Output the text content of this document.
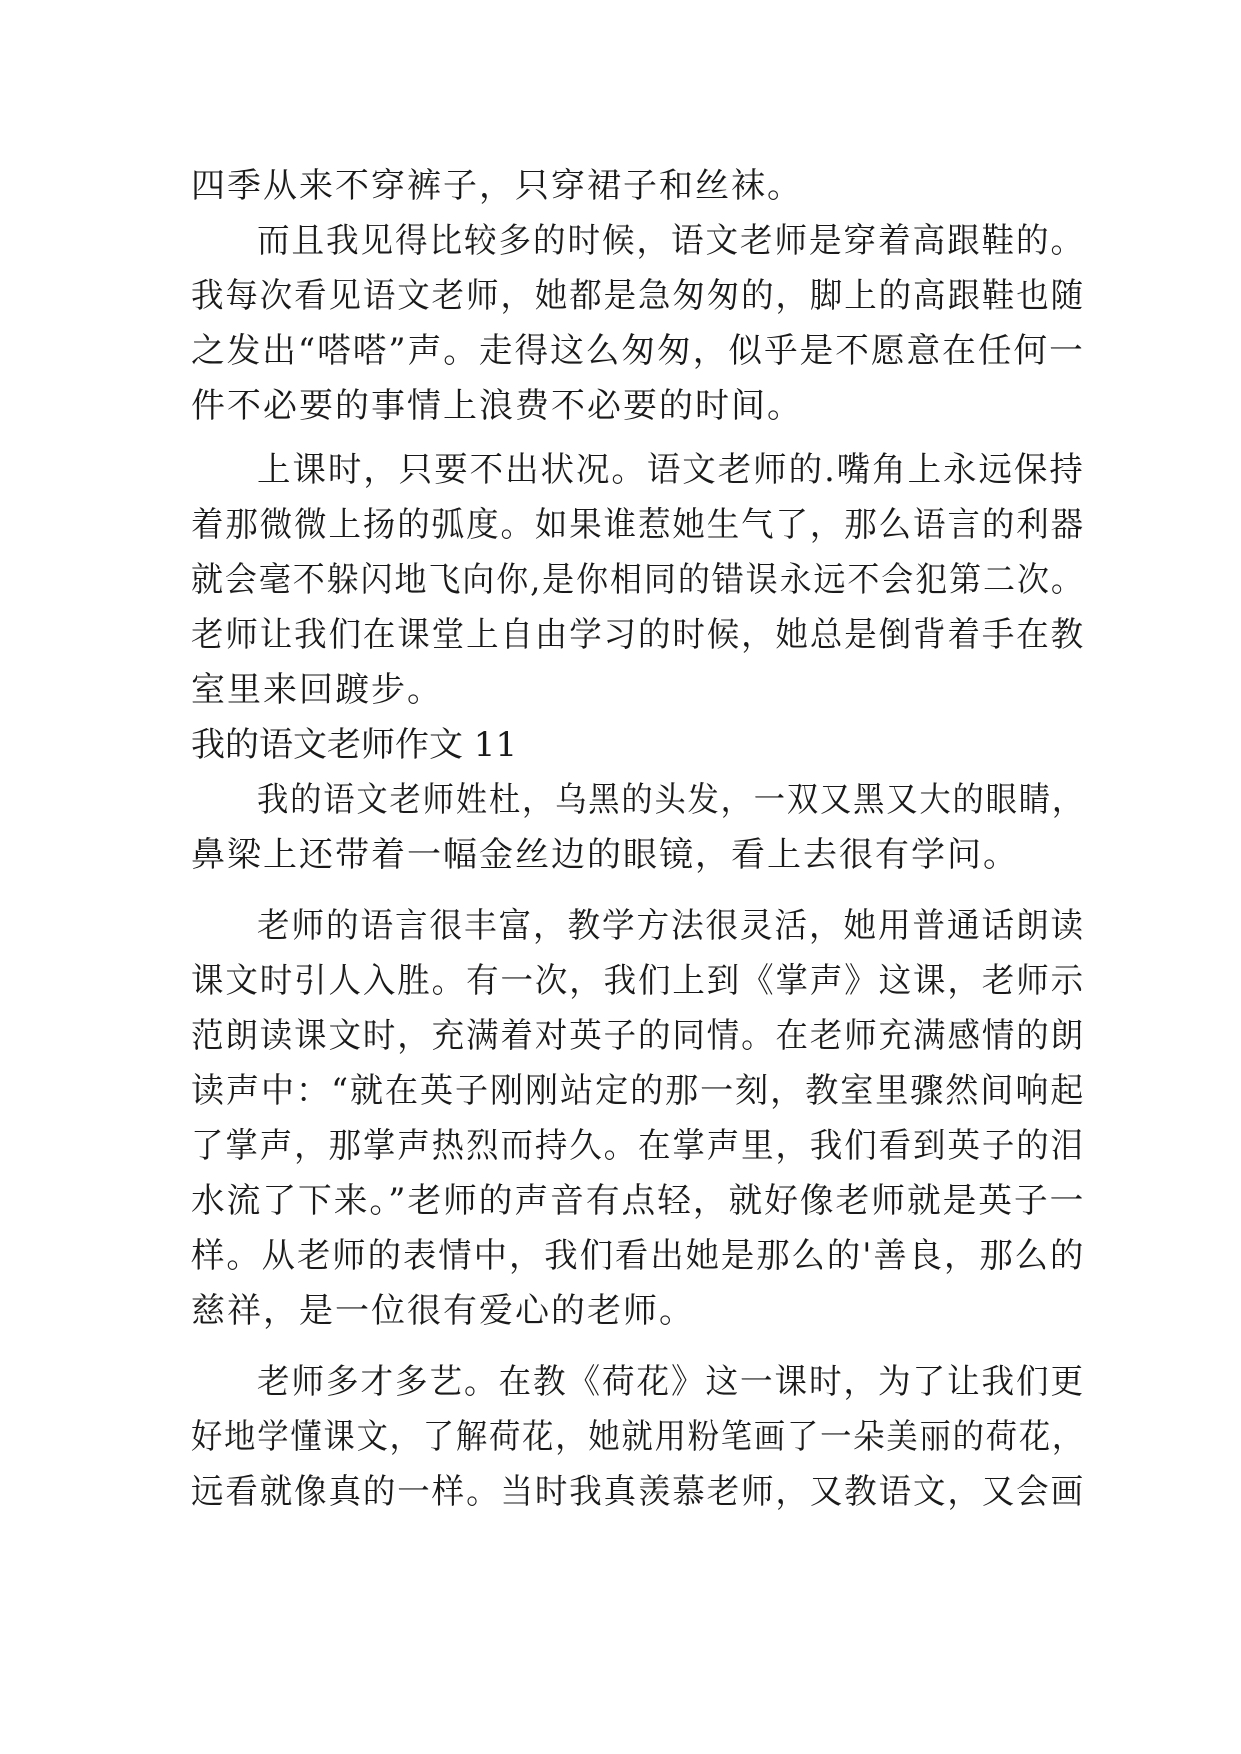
四季从来不穿裤子，只穿裙子和丝袜。
而且我见得比较多的时候，语文老师是穿着高跟鞋的。
我每次看见语文老师，她都是急匆匆的，脚上的高跟鞋也随
之发出“嗒嗒”声。走得这么匆匆，似乎是不愿意在任何一
件不必要的事情上浪费不必要的时间。
上课时，只要不出状况。语文老师的.嘴角上永远保持
着那微微上扬的弧度。如果谁惹她生气了，那么语言的利器
就会毫不躲闪地飞向你,是你相同的错误永远不会犯第二次。
老师让我们在课堂上自由学习的时候，她总是倒背着手在教
室里来回踱步。
我的语文老师作文 11
我的语文老师姓杜，乌黑的头发，一双又黑又大的眼睛，
鼻梁上还带着一幅金丝边的眼镜，看上去很有学问。
老师的语言很丰富，教学方法很灵活，她用普通话朗读
课文时引人入胜。有一次，我们上到《掌声》这课，老师示
范朗读课文时，充满着对英子的同情。在老师充满感情的朗
读声中：“就在英子刚刚站定的那一刻，教室里骤然间响起
了掌声，那掌声热烈而持久。在掌声里，我们看到英子的泪
水流了下来。”老师的声音有点轻，就好像老师就是英子一
样。从老师的表情中，我们看出她是那么的'善良，那么的
慈祥，是一位很有爱心的老师。
老师多才多艺。在教《荷花》这一课时，为了让我们更
好地学懂课文，了解荷花，她就用粉笔画了一朵美丽的荷花，
远看就像真的一样。当时我真羡慕老师，又教语文，又会画
